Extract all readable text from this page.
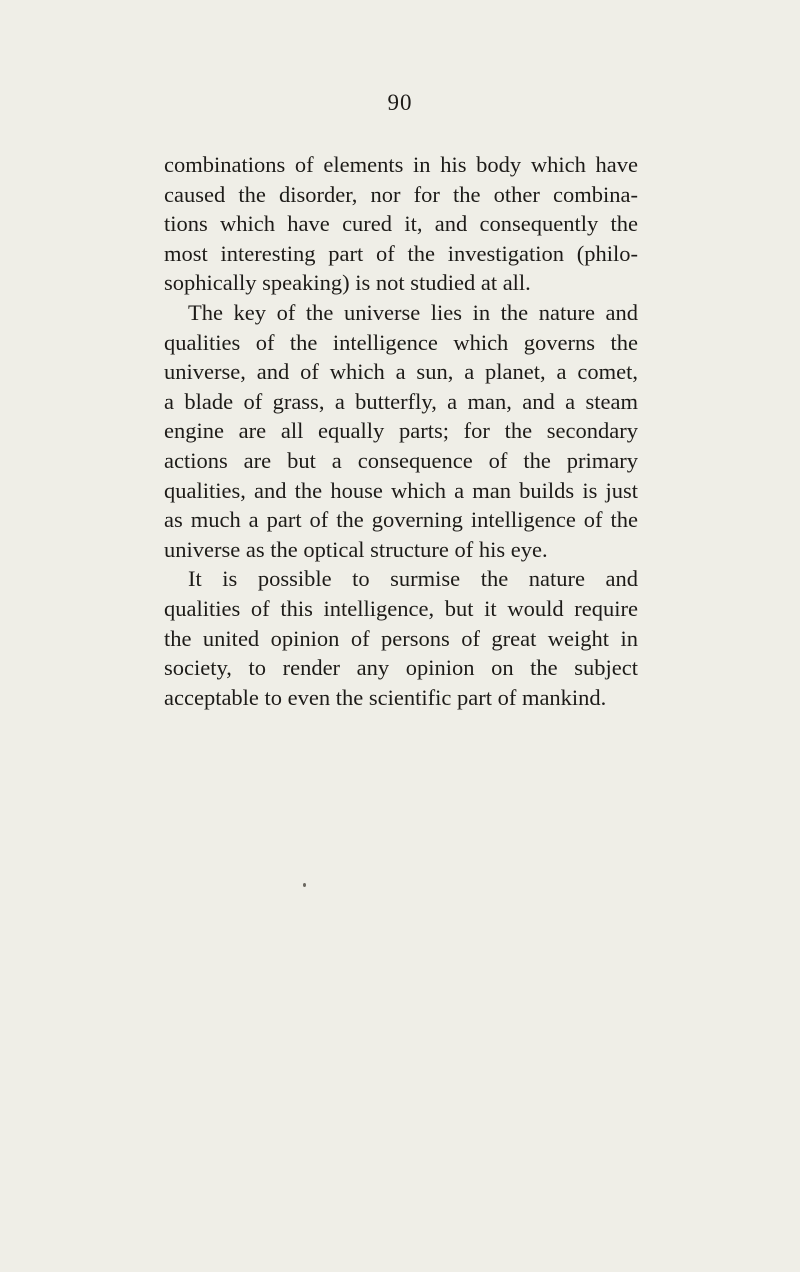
90
combinations of elements in his body which have
caused the disorder, nor for the other combina-
tions which have cured it, and consequently the
most interesting part of the investigation (philo-
sophically speaking) is not studied at all.
The key of the universe lies in the nature and
qualities of the intelligence which governs the
universe, and of which a sun, a planet, a comet,
a blade of grass, a butterfly, a man, and a steam
engine are all equally parts; for the secondary
actions are but a consequence of the primary
qualities, and the house which a man builds is just
as much a part of the governing intelligence of the
universe as the optical structure of his eye.
It is possible to surmise the nature and
qualities of this intelligence, but it would require
the united opinion of persons of great weight in
society, to render any opinion on the subject
acceptable to even the scientific part of mankind.
